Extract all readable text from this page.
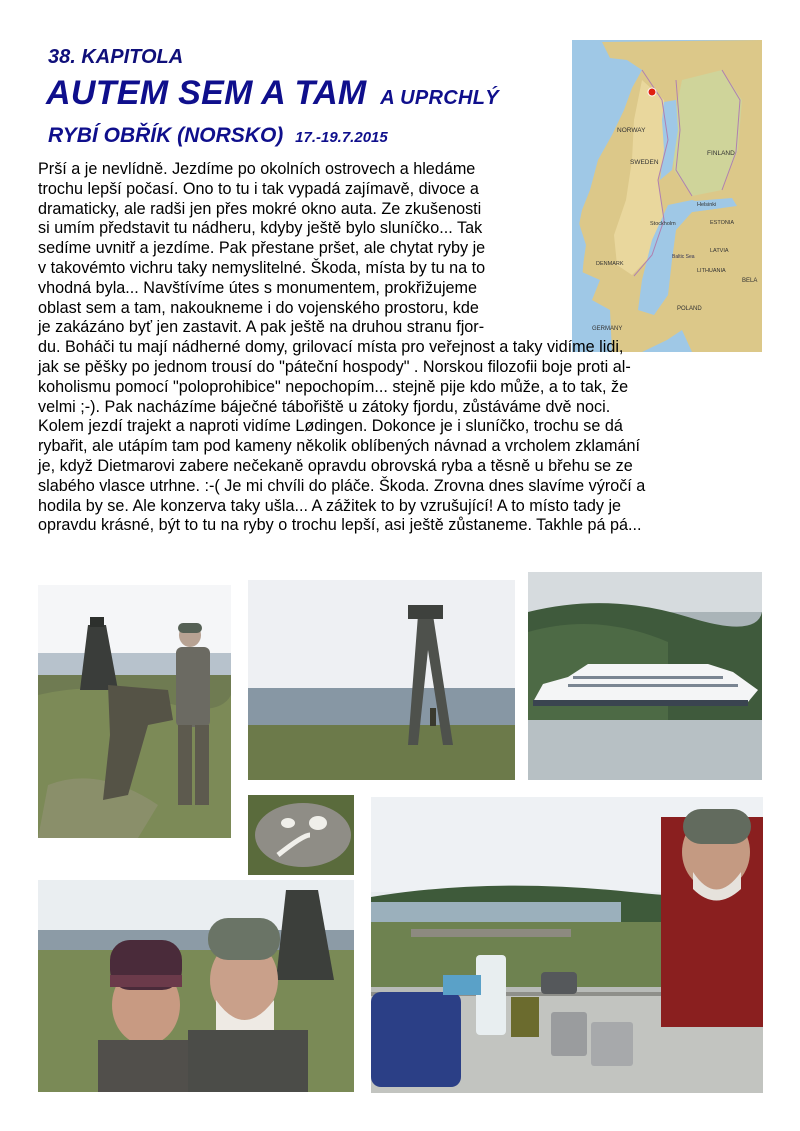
38. KAPITOLA
AUTEM SEM A TAM A UPRCHLÝ
RYBÍ OBŘÍK (NORSKO) 17.-19.7.2015	NORWAY
SWEDEN
FINLAND
Stockholm
Helsinki
ESTONIA
LATVIA
LITHUANIA
Baltic Sea
DENMARK
POLAND
GERMANY
BELA
Prší a je nevlídně. Jezdíme po okolních ostrovech a hledáme
trochu lepší počasí. Ono to tu i tak vypadá zajímavě, divoce a
dramaticky, ale radši jen přes mokré okno auta. Ze zkušenosti
si umím představit tu nádheru, kdyby ještě bylo sluníčko... Tak
sedíme uvnitř a jezdíme. Pak přestane pršet, ale chytat ryby je
v takovémto vichru taky nemyslitelné. Škoda, místa by tu na to
vhodná byla... Navštívíme útes s monumentem, prokřižujeme
oblast sem a tam, nakoukneme i do vojenského prostoru, kde
je zakázáno byť jen zastavit. A pak ještě na druhou stranu fjor-
du. Boháči tu mají nádherné domy, grilovací místa pro veřejnost a taky vidíme lidi,
jak se pěšky po jednom trousí do "páteční hospody" . Norskou filozofii boje proti al-
koholismu pomocí "poloprohibice" nepochopím... stejně pije kdo může, a to tak, že
velmi ;-). Pak nacházíme báječné tábořiště u zátoky fjordu, zůstáváme dvě noci.
Kolem jezdí trajekt a naproti vidíme Lødingen. Dokonce je i sluníčko, trochu se dá
rybařit, ale utápím tam pod kameny několik oblíbených návnad a vrcholem zklamání
je, když Dietmarovi zabere nečekaně opravdu obrovská ryba a těsně u břehu se ze
slabého vlasce utrhne. :-( Je mi chvíli do pláče. Škoda. Zrovna dnes slavíme výročí a
hodila by se. Ale konzerva taky ušla... A zážitek to by vzrušující! A to místo tady je
opravdu krásné, být to tu na ryby o trochu lepší, asi ještě zůstaneme. Takhle pá pá...
